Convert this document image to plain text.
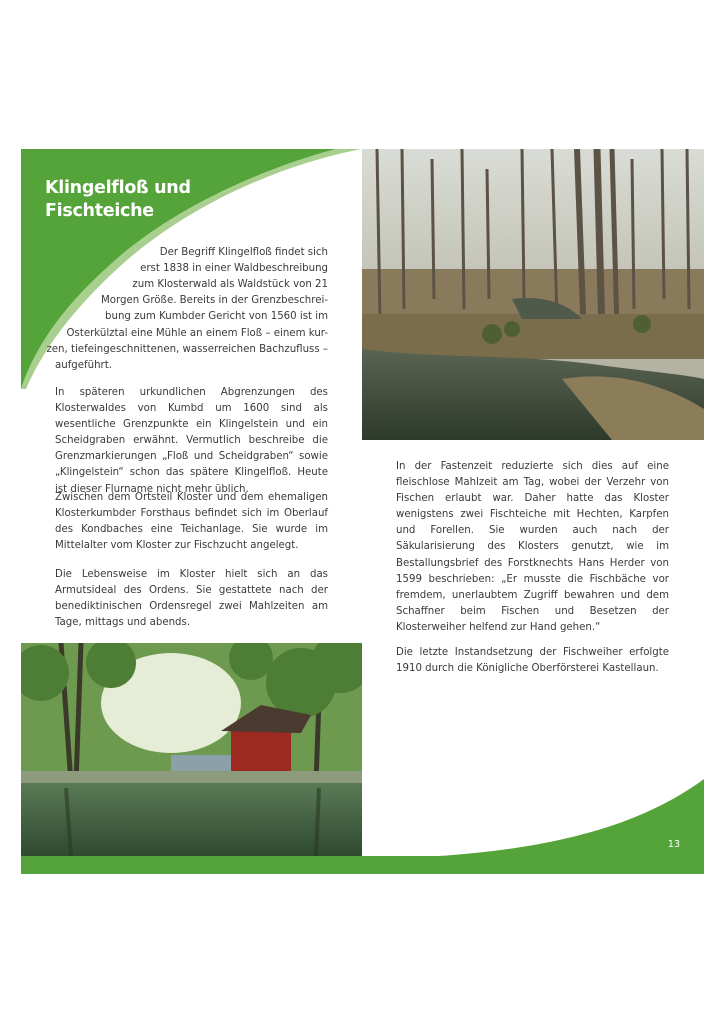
Klingelfloß und
Fischteiche
Der Begriff Klingelfloß findet sich
erst 1838 in einer Waldbeschreibung
zum Klosterwald als Waldstück von 21
Morgen Größe. Bereits in der Grenzbeschrei-
bung zum Kumbder Gericht von 1560 ist im
Osterkülztal eine Mühle an einem Floß – einem kur-
zen, tiefeingeschnittenen, wasserreichen Bachzufluss –
aufgeführt.

In späteren urkundlichen Abgrenzungen des Klosterwaldes von Kumbd um 1600 sind als wesentliche Grenzpunkte ein Klingelstein und ein Scheidgraben erwähnt. Vermutlich beschreibe die Grenzmarkierungen „Floß und Scheidgraben“ sowie „Klingelstein“ schon das spätere Klingelfloß. Heute ist dieser Flurname nicht mehr üblich.

Zwischen dem Ortsteil Kloster und dem ehemaligen Klosterkumbder Forsthaus befindet sich im Oberlauf des Kondbaches eine Teichanlage. Sie wurde im Mittelalter vom Kloster zur Fischzucht angelegt.

Die Lebensweise im Kloster hielt sich an das Armutsideal des Ordens. Sie gestattete nach der benediktinischen Ordensregel zwei Mahlzeiten am Tage, mittags und abends.

In der Fastenzeit reduzierte sich dies auf eine fleischlose Mahlzeit am Tag, wobei der Verzehr von Fischen erlaubt war. Daher hatte das Kloster wenigstens zwei Fischteiche mit Hechten, Karpfen und Forellen. Sie wurden auch nach der Säkularisierung des Klosters genutzt, wie im Bestallungsbrief des Forstknechts Hans Herder von 1599 beschrieben: „Er musste die Fischbäche vor fremdem, unerlaubtem Zugriff bewahren und dem Schaffner beim Fischen und Besetzen der Klosterweiher helfend zur Hand gehen.“

Die letzte Instandsetzung der Fischweiher erfolgte 1910 durch die Königliche Oberförsterei Kastellaun.

13
